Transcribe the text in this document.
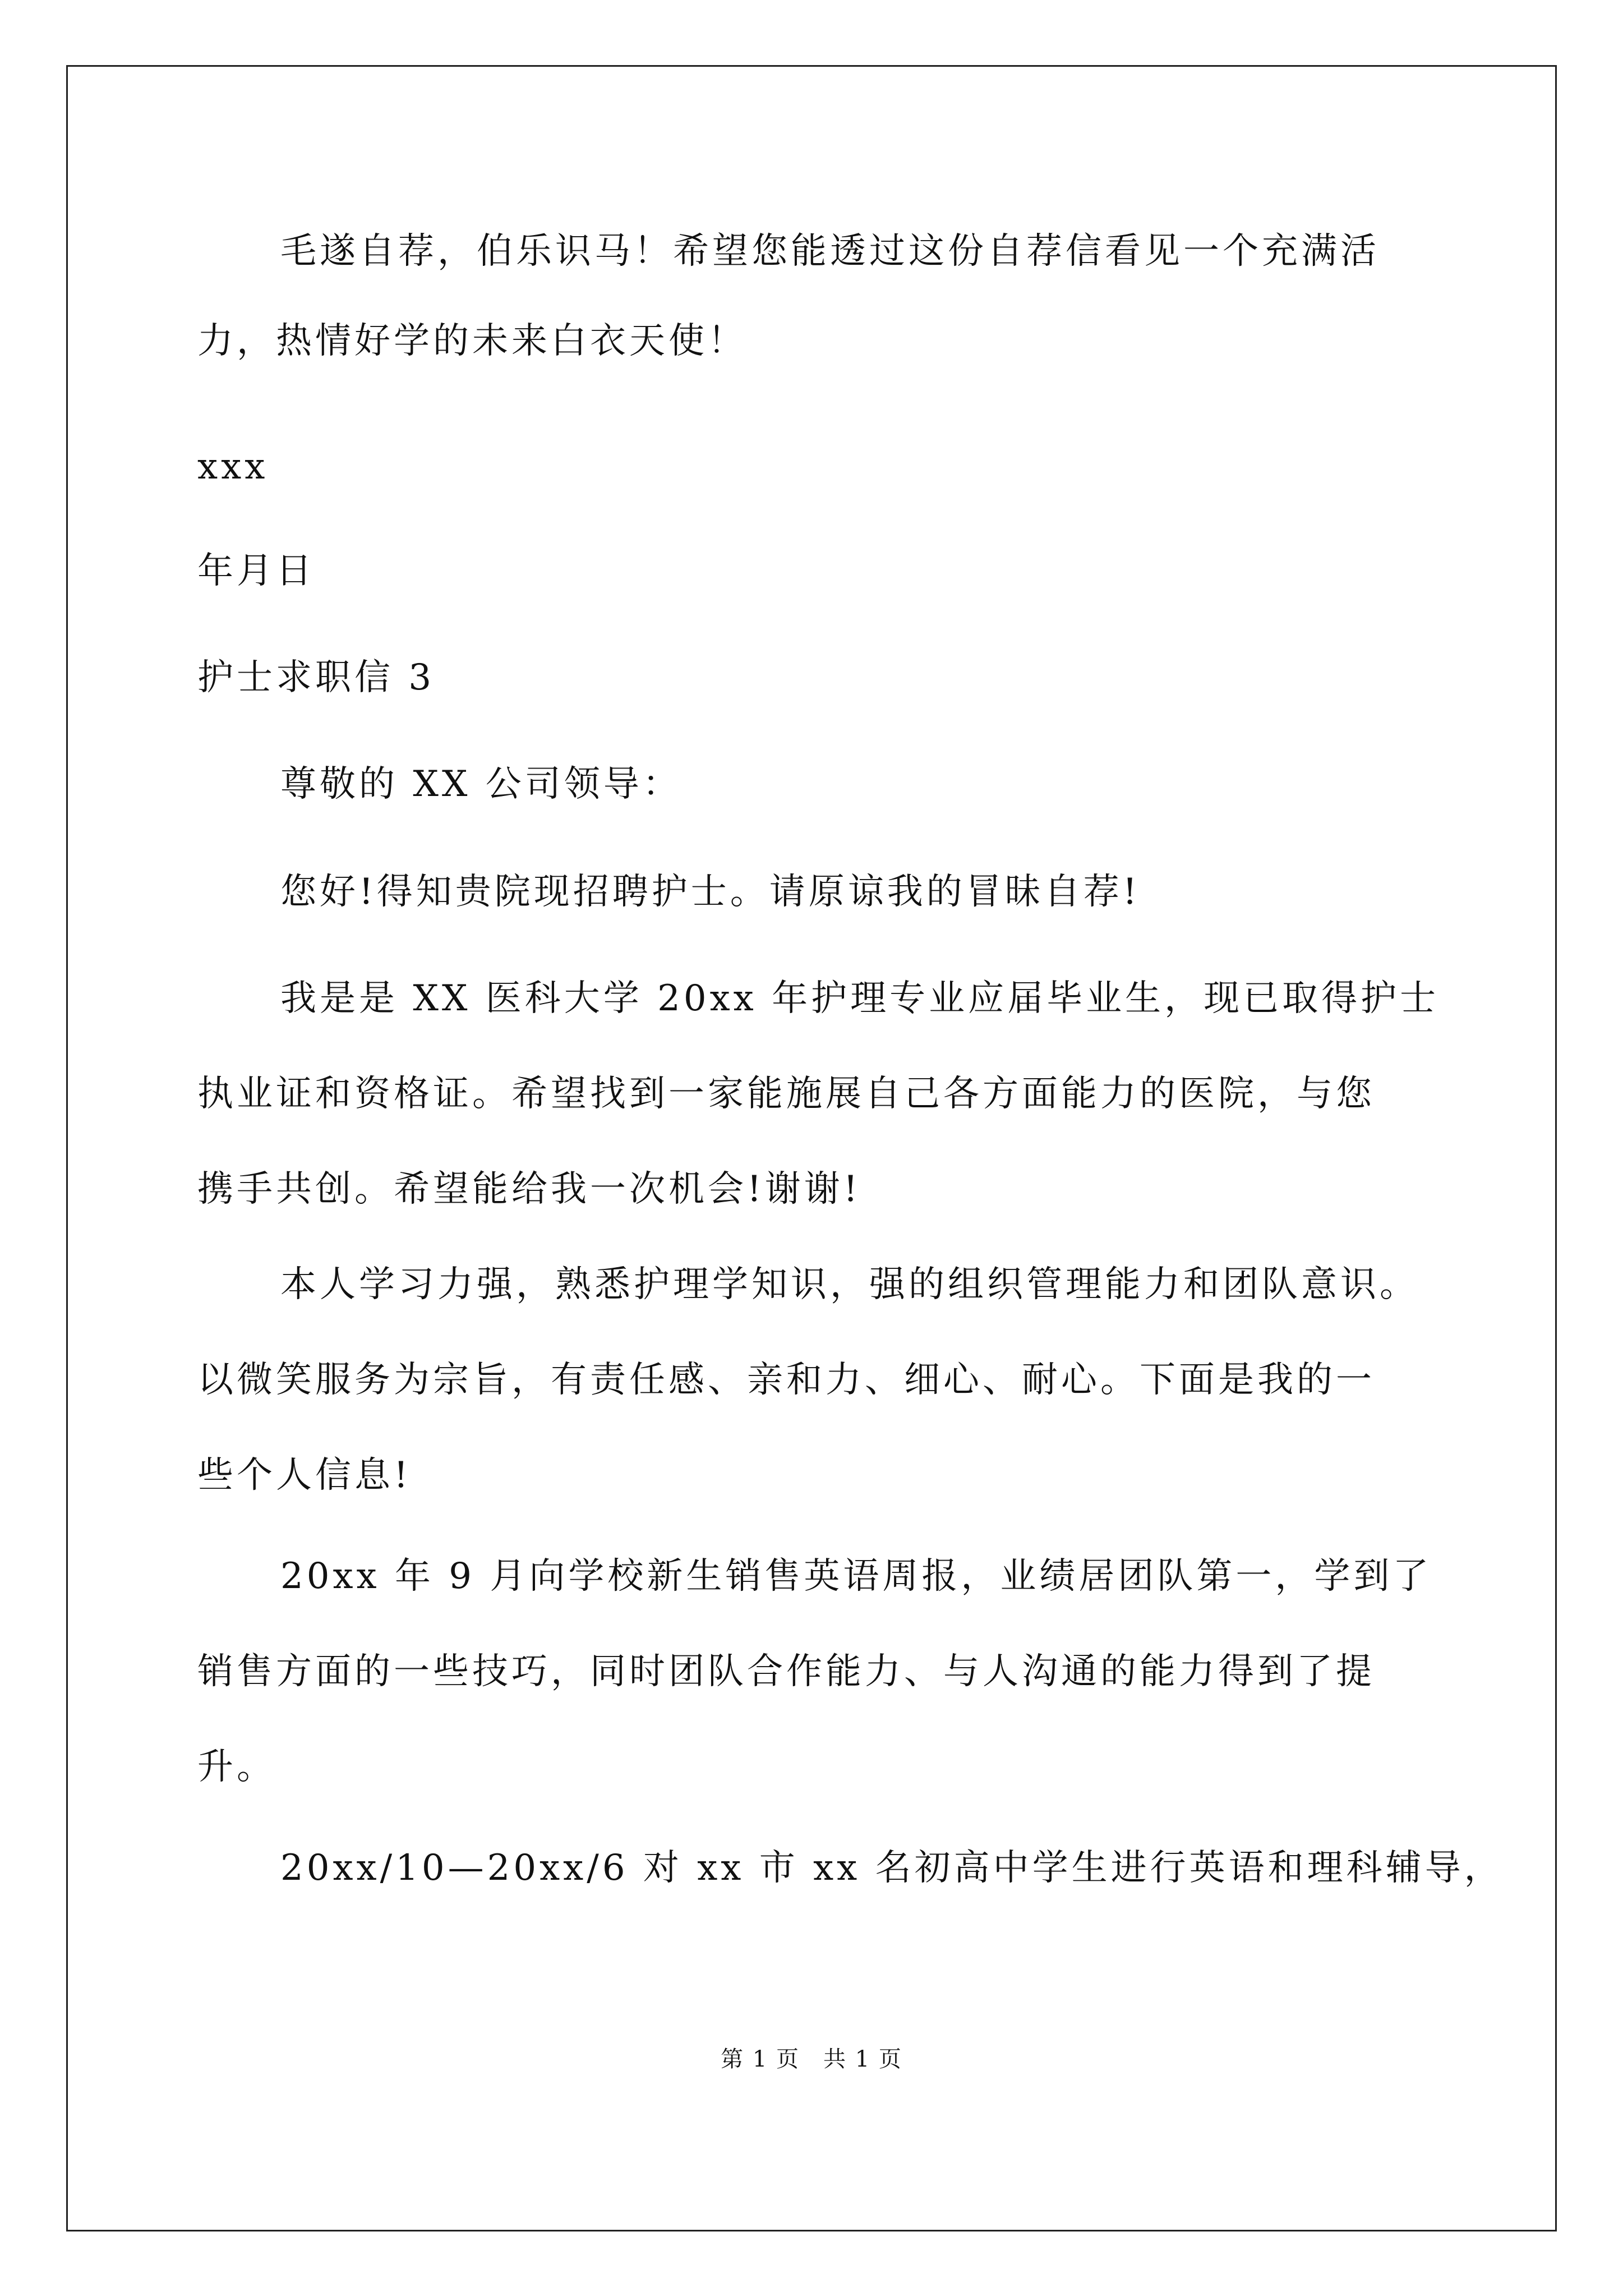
毛遂自荐，伯乐识马！希望您能透过这份自荐信看见一个充满活
力，热情好学的未来白衣天使！
xxx
年月日
护士求职信 3
尊敬的 XX 公司领导：
您好!得知贵院现招聘护士。请原谅我的冒昧自荐!
我是是 XX 医科大学 20xx 年护理专业应届毕业生，现已取得护士
执业证和资格证。希望找到一家能施展自己各方面能力的医院，与您
携手共创。希望能给我一次机会!谢谢!
本人学习力强，熟悉护理学知识，强的组织管理能力和团队意识。
以微笑服务为宗旨，有责任感、亲和力、细心、耐心。下面是我的一
些个人信息!
20xx 年 9 月向学校新生销售英语周报，业绩居团队第一，学到了
销售方面的一些技巧，同时团队合作能力、与人沟通的能力得到了提
升。
20xx/10—20xx/6 对 xx 市 xx 名初高中学生进行英语和理科辅导，
第 1 页　共 1 页
